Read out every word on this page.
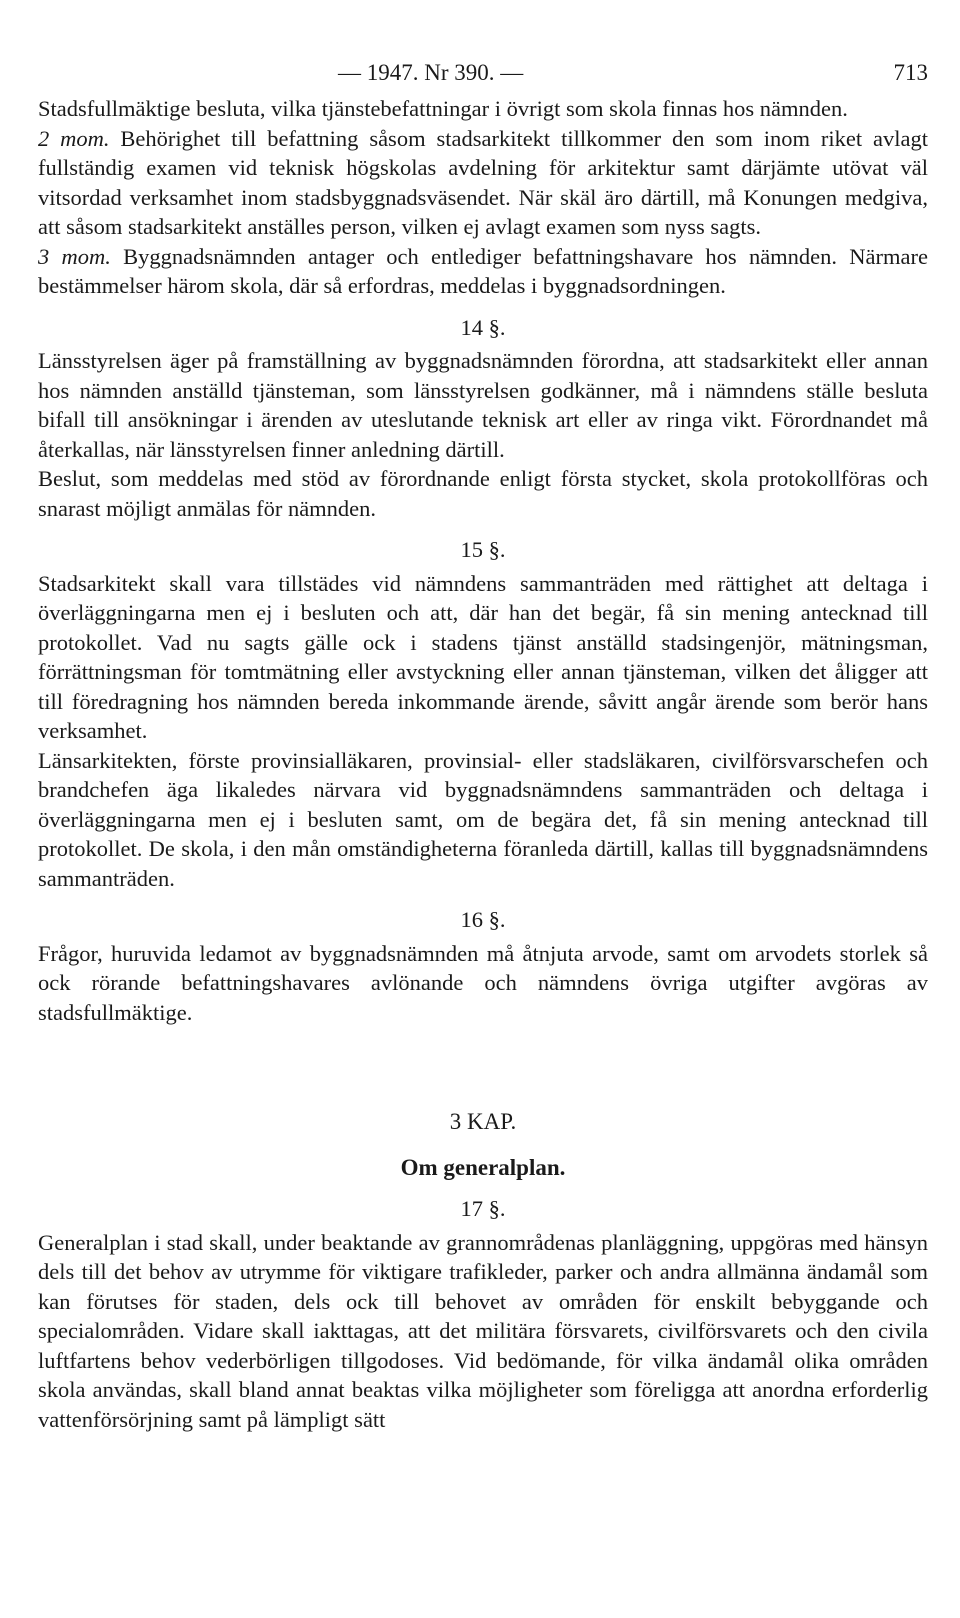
— 1947. Nr 390. —	713

Stadsfullmäktige besluta, vilka tjänstebefattningar i övrigt som skola finnas hos nämnden.

2 mom. Behörighet till befattning såsom stadsarkitekt tillkommer den som inom riket avlagt fullständig examen vid teknisk högskolas avdelning för arkitektur samt därjämte utövat väl vitsordad verksamhet inom stadsbyggnadsväsendet. När skäl äro därtill, må Konungen medgiva, att såsom stadsarkitekt anställes person, vilken ej avlagt examen som nyss sagts.

3 mom. Byggnadsnämnden antager och entlediger befattningshavare hos nämnden. Närmare bestämmelser härom skola, där så erfordras, meddelas i byggnadsordningen.

14 §.

Länsstyrelsen äger på framställning av byggnadsnämnden förordna, att stadsarkitekt eller annan hos nämnden anställd tjänsteman, som länsstyrelsen godkänner, må i nämndens ställe besluta bifall till ansökningar i ärenden av uteslutande teknisk art eller av ringa vikt. Förordnandet må återkallas, när länsstyrelsen finner anledning därtill.

Beslut, som meddelas med stöd av förordnande enligt första stycket, skola protokollföras och snarast möjligt anmälas för nämnden.

15 §.

Stadsarkitekt skall vara tillstädes vid nämndens sammanträden med rättighet att deltaga i överläggningarna men ej i besluten och att, där han det begär, få sin mening antecknad till protokollet. Vad nu sagts gälle ock i stadens tjänst anställd stadsingenjör, mätningsman, förrättningsman för tomtmätning eller avstyckning eller annan tjänsteman, vilken det åligger att till föredragning hos nämnden bereda inkommande ärende, såvitt angår ärende som berör hans verksamhet.

Länsarkitekten, förste provinsialläkaren, provinsial- eller stadsläkaren, civilförsvarschefen och brandchefen äga likaledes närvara vid byggnadsnämndens sammanträden och deltaga i överläggningarna men ej i besluten samt, om de begära det, få sin mening antecknad till protokollet. De skola, i den mån omständigheterna föranleda därtill, kallas till byggnadsnämndens sammanträden.

16 §.

Frågor, huruvida ledamot av byggnadsnämnden må åtnjuta arvode, samt om arvodets storlek så ock rörande befattningshavares avlönande och nämndens övriga utgifter avgöras av stadsfullmäktige.

3 KAP.
Om generalplan.
17 §.

Generalplan i stad skall, under beaktande av grannområdenas planläggning, uppgöras med hänsyn dels till det behov av utrymme för viktigare trafikleder, parker och andra allmänna ändamål som kan förutses för staden, dels ock till behovet av områden för enskilt bebyggande och specialområden. Vidare skall iakttagas, att det militära försvarets, civilförsvarets och den civila luftfartens behov vederbörligen tillgodoses. Vid bedömande, för vilka ändamål olika områden skola användas, skall bland annat beaktas vilka möjligheter som föreligga att anordna erforderlig vattenförsörjning samt på lämpligt sätt
